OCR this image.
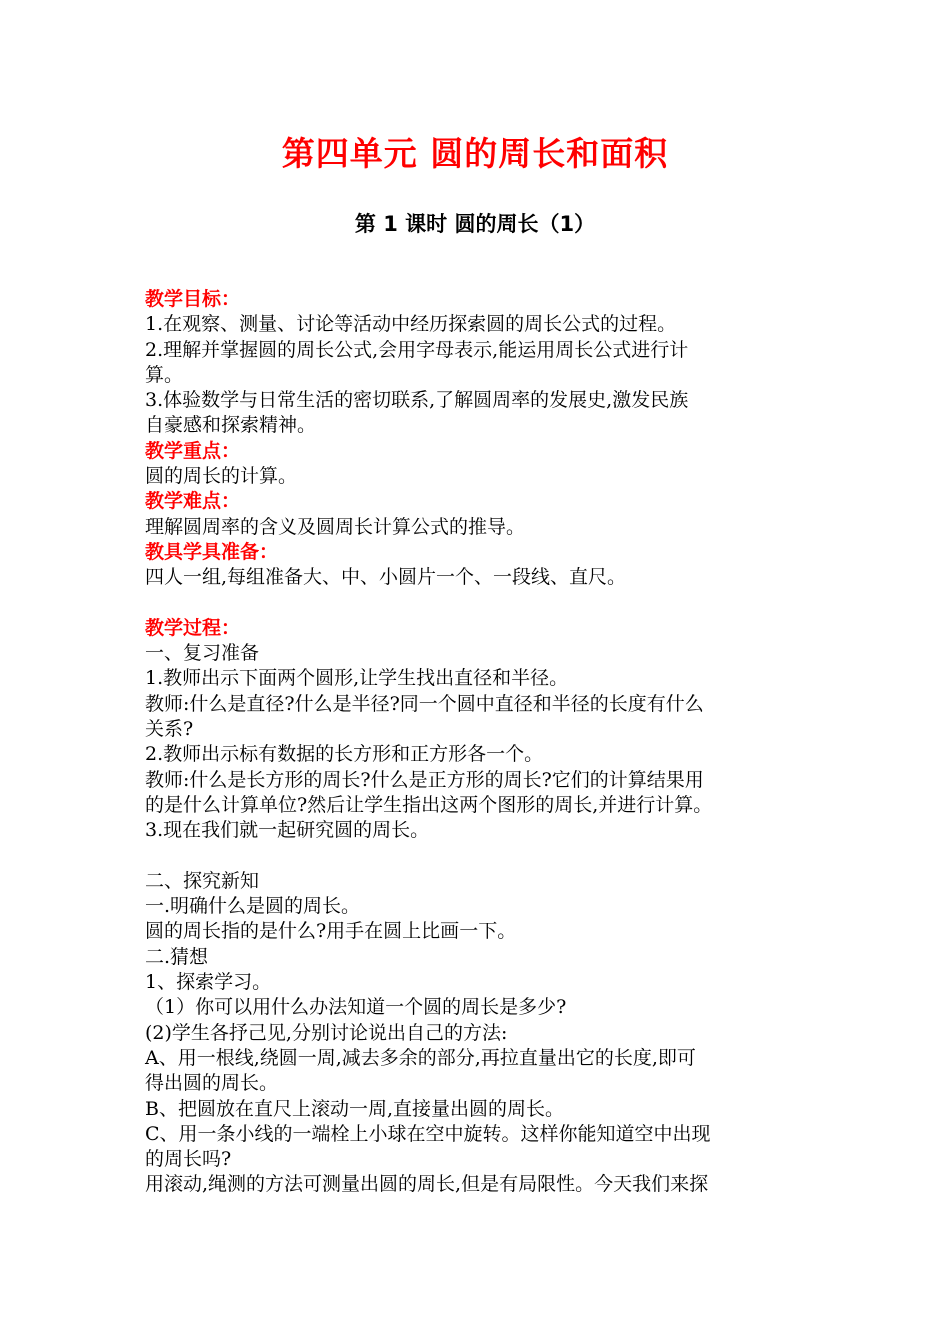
第四单元 圆的周长和面积
第 1 课时 圆的周长（1）
教学目标：
1.在观察、测量、讨论等活动中经历探索圆的周长公式的过程。
2.理解并掌握圆的周长公式,会用字母表示,能运用周长公式进行计
算。
3.体验数学与日常生活的密切联系,了解圆周率的发展史,激发民族
自豪感和探索精神。
教学重点：
圆的周长的计算。
教学难点：
理解圆周率的含义及圆周长计算公式的推导。
教具学具准备：
四人一组,每组准备大、中、小圆片一个、一段线、直尺。
教学过程：
一、复习准备
1.教师出示下面两个圆形,让学生找出直径和半径。
教师:什么是直径?什么是半径?同一个圆中直径和半径的长度有什么
关系?
2.教师出示标有数据的长方形和正方形各一个。
教师:什么是长方形的周长?什么是正方形的周长?它们的计算结果用
的是什么计算单位?然后让学生指出这两个图形的周长,并进行计算。
3.现在我们就一起研究圆的周长。
二、探究新知
一.明确什么是圆的周长。
圆的周长指的是什么?用手在圆上比画一下。
二.猜想
1、探索学习。
（1）你可以用什么办法知道一个圆的周长是多少?
(2)学生各抒己见,分别讨论说出自己的方法:
A、用一根线,绕圆一周,减去多余的部分,再拉直量出它的长度,即可
得出圆的周长。
B、把圆放在直尺上滚动一周,直接量出圆的周长。
C、用一条小线的一端栓上小球在空中旋转。这样你能知道空中出现
的周长吗?
用滚动,绳测的方法可测量出圆的周长,但是有局限性。今天我们来探
